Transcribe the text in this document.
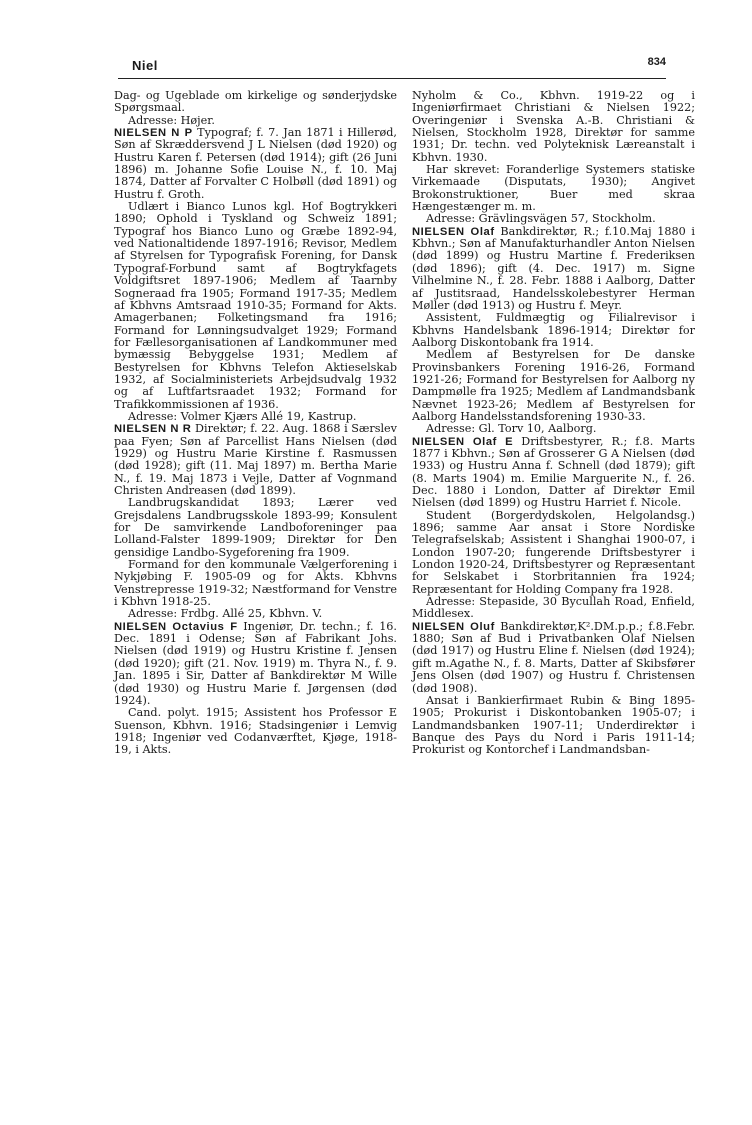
Niel	834

Dag- og Ugeblade om kirkelige og sønderjydske Spørgsmaal.

Adresse: Højer.

NIELSEN N P Typograf; f. 7. Jan 1871 i Hillerød, Søn af Skræddersvend J L Nielsen (død 1920) og Hustru Karen f. Petersen (død 1914); gift (26 Juni 1896) m. Johanne Sofie Louise N., f. 10. Maj 1874, Datter af Forvalter C Holbøll (død 1891) og Hustru f. Groth.

Udlært i Bianco Lunos kgl. Hof Bogtrykkeri 1890; Ophold i Tyskland og Schweiz 1891; Typograf hos Bianco Luno og Græbe 1892-94, ved Nationaltidende 1897-1916; Revisor, Medlem af Styrelsen for Typografisk Forening, for Dansk Typograf-Forbund samt af Bogtrykfagets Voldgiftsret 1897-1906; Medlem af Taarnby Sogneraad fra 1905; Formand 1917-35; Medlem af Kbhvns Amtsraad 1910-35; Formand for Akts. Amagerbanen; Folketingsmand fra 1916; Formand for Lønningsudvalget 1929; Formand for Fællesorganisationen af Landkommuner med bymæssig Bebyggelse 1931; Medlem af Bestyrelsen for Kbhvns Telefon Aktieselskab 1932, af Socialministeriets Arbejdsudvalg 1932 og af Luftfartsraadet 1932; Formand for Trafikkommissionen af 1936.

Adresse: Volmer Kjærs Allé 19, Kastrup.

NIELSEN N R Direktør; f. 22. Aug. 1868 i Særslev paa Fyen; Søn af Parcellist Hans Nielsen (død 1929) og Hustru Marie Kirstine f. Rasmussen (død 1928); gift (11. Maj 1897) m. Bertha Marie N., f. 19. Maj 1873 i Vejle, Datter af Vognmand Christen Andreasen (død 1899).

Landbrugskandidat 1893; Lærer ved Grejsdalens Landbrugsskole 1893-99; Konsulent for De samvirkende Landboforeninger paa Lolland-Falster 1899-1909; Direktør for Den gensidige Landbo-Sygeforening fra 1909.

Formand for den kommunale Vælgerforening i Nykjøbing F. 1905-09 og for Akts. Kbhvns Venstrepresse 1919-32; Næstformand for Venstre i Kbhvn 1918-25.

Adresse: Frdbg. Allé 25, Kbhvn. V.

NIELSEN Octavius F Ingeniør, Dr. techn.; f. 16. Dec. 1891 i Odense; Søn af Fabrikant Johs. Nielsen (død 1919) og Hustru Kristine f. Jensen (død 1920); gift (21. Nov. 1919) m. Thyra N., f. 9. Jan. 1895 i Sir, Datter af Bankdirektør M Wille (død 1930) og Hustru Marie f. Jørgensen (død 1924).

Cand. polyt. 1915; Assistent hos Professor E Suenson, Kbhvn. 1916; Stadsingeniør i Lemvig 1918; Ingeniør ved Codanværftet, Kjøge, 1918-19, i Akts.

Nyholm & Co., Kbhvn. 1919-22 og i Ingeniørfirmaet Christiani & Nielsen 1922; Overingeniør i Svenska A.-B. Christiani & Nielsen, Stockholm 1928, Direktør for samme 1931; Dr. techn. ved Polyteknisk Læreanstalt i Kbhvn. 1930.

Har skrevet: Foranderlige Systemers statiske Virkemaade (Disputats, 1930); Angivet Brokonstruktioner, Buer med skraa Hængestænger m. m.

Adresse: Grävlingsvägen 57, Stockholm.

NIELSEN Olaf Bankdirektør, R.; f.10.Maj 1880 i Kbhvn.; Søn af Manufakturhandler Anton Nielsen (død 1899) og Hustru Martine f. Frederiksen (død 1896); gift (4. Dec. 1917) m. Signe Vilhelmine N., f. 28. Febr. 1888 i Aalborg, Datter af Justitsraad, Handelsskolebestyrer Herman Møller (død 1913) og Hustru f. Meyr.

Assistent, Fuldmægtig og Filialrevisor i Kbhvns Handelsbank 1896-1914; Direktør for Aalborg Diskontobank fra 1914.

Medlem af Bestyrelsen for De danske Provinsbankers Forening 1916-26, Formand 1921-26; Formand for Bestyrelsen for Aalborg ny Dampmølle fra 1925; Medlem af Landmandsbank Nævnet 1923-26; Medlem af Bestyrelsen for Aalborg Handelsstandsforening 1930-33.

Adresse: Gl. Torv 10, Aalborg.

NIELSEN Olaf E Driftsbestyrer, R.; f.8. Marts 1877 i Kbhvn.; Søn af Grosserer G A Nielsen (død 1933) og Hustru Anna f. Schnell (død 1879); gift (8. Marts 1904) m. Emilie Marguerite N., f. 26. Dec. 1880 i London, Datter af Direktør Emil Nielsen (død 1899) og Hustru Harriet f. Nicole.

Student (Borgerdydskolen, Helgolandsg.) 1896; samme Aar ansat i Store Nordiske Telegrafselskab; Assistent i Shanghai 1900-07, i London 1907-20; fungerende Driftsbestyrer i London 1920-24, Driftsbestyrer og Repræsentant for Selskabet i Storbritannien fra 1924; Repræsentant for Holding Company fra 1928.

Adresse: Stepaside, 30 Bycullah Road, Enfield, Middlesex.

NIELSEN Oluf Bankdirektør,K².DM.p.p.; f.8.Febr. 1880; Søn af Bud i Privatbanken Olaf Nielsen (død 1917) og Hustru Eline f. Nielsen (død 1924); gift m.Agathe N., f. 8. Marts, Datter af Skibsfører Jens Olsen (død 1907) og Hustru f. Christensen (død 1908).

Ansat i Bankierfirmaet Rubin & Bing 1895-1905; Prokurist i Diskontobanken 1905-07; i Landmandsbanken 1907-11; Underdirektør i Banque des Pays du Nord i Paris 1911-14; Prokurist og Kontorchef i Landmandsban-
